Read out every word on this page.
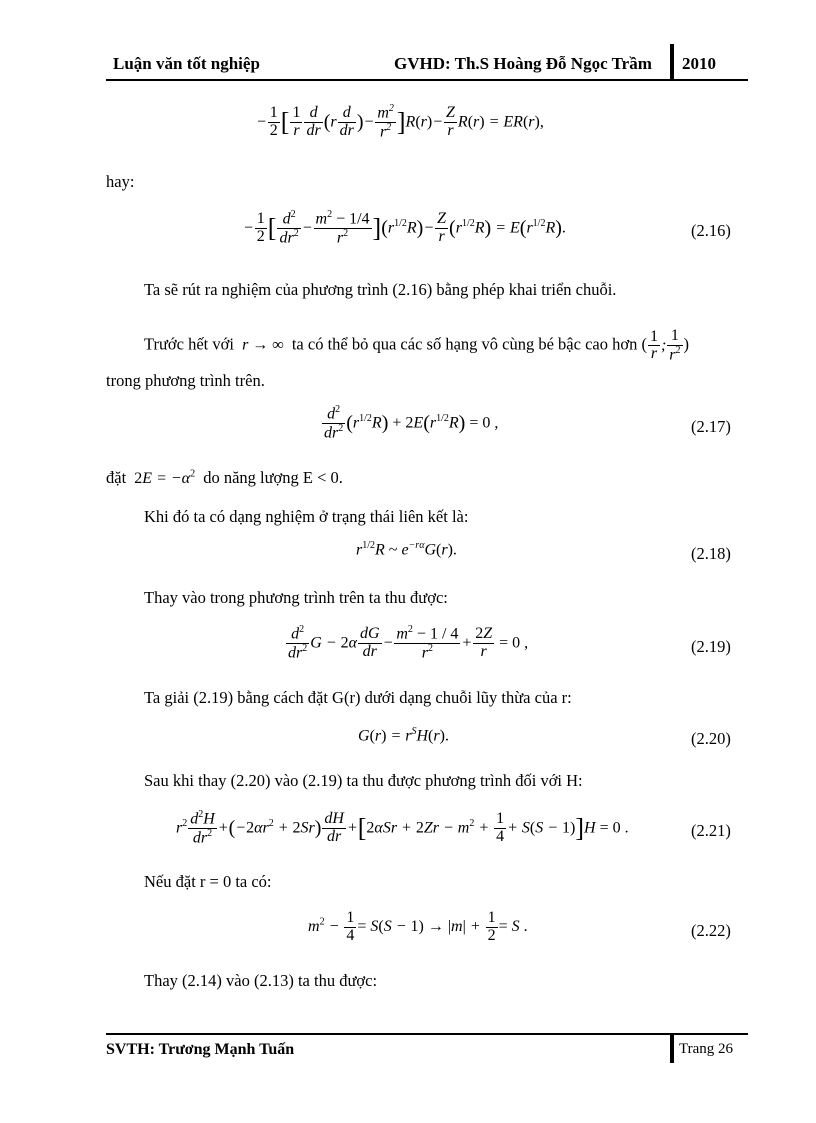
Luận văn tốt nghiệp	GVHD: Th.S Hoàng Đỗ Ngọc Trầm 2010
− $\frac{1}{2}$ [ $\frac{1}{r} \frac{d}{dr} (r \frac{d}{dr}$ )− $\frac{m^2}{r^2} ]R(r)- \frac{Z}{r} R(r) = ER(r)$,
hay:
− $\frac{1}{2}$ [ $\frac{d^2}{dr^2} - \frac{m^2 - 1/4}{r^2} ](r^{1/2}R)- \frac{Z}{r} (r^{1/2}R) = E(r^{1/2}R)$.	(2.16)
Ta sẽ rút ra nghiệm của phương trình (2.16) bằng phép khai triển chuỗi.
Trước hết với  r → ∞  ta có thể bỏ qua các số hạng vô cùng bé bậc cao hơn ( $\frac{1}{r}$ ; $\frac{1}{r^2}$ )
trong phương trình trên.
$\frac{d^2}{dr^2} (r^{1/2}R) + 2E(r^{1/2}R) = 0$ ,	(2.17)
đặt $2E = -\alpha^2$ do năng lượng E < 0.
Khi đó ta có dạng nghiệm ở trạng thái liên kết là:
$r^{1/2}R$ ~ $e^{-r\alpha}G(r)$.	(2.18)
Thay vào trong phương trình trên ta thu được:
$\frac{d^2}{dr^2}$ $G - 2\alpha \frac{dG}{dr} - \frac{m^2 - 1 / 4}{r^2} + \frac{2Z}{r} = 0$ ,	(2.19)
Ta giải (2.19) bằng cách đặt G(r) dưới dạng chuỗi lũy thừa của r:
$G(r) = r^SH(r)$.	(2.20)
Sau khi thay (2.20) vào (2.19) ta thu được phương trình đối với H:
$r^2 \frac{d^2H}{dr^2} +(-2\alpha r^2 + 2Sr) \frac{dH}{dr} +[2\alpha Sr + 2Zr - m^2 + \frac{1}{4} + S(S - 1)]H = 0$ .	(2.21)
Nếu đặt r = 0 ta có:
$m^2 - \frac{1}{4} = S(S - 1) \to |m| + \frac{1}{2} = S$ .	(2.22)
Thay (2.14) vào (2.13) ta thu được:
SVTH: Trương Mạnh Tuấn	Trang 26
